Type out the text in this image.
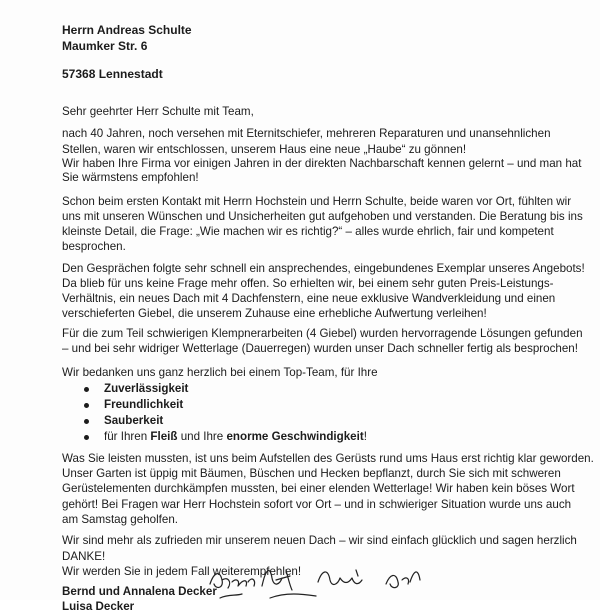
Herrn Andreas Schulte
Maumker Str. 6
57368 Lennestadt
Sehr geehrter Herr Schulte mit Team,
nach 40 Jahren, noch versehen mit Eternitschiefer, mehreren Reparaturen und unansehnlichen
Stellen, waren wir entschlossen, unserem Haus eine neue „Haube“ zu gönnen!
Wir haben Ihre Firma vor einigen Jahren in der direkten Nachbarschaft kennen gelernt – und man hat
Sie wärmstens empfohlen!
Schon beim ersten Kontakt mit Herrn Hochstein und Herrn Schulte, beide waren vor Ort, fühlten wir
uns mit unseren Wünschen und Unsicherheiten gut aufgehoben und verstanden. Die Beratung bis ins
kleinste Detail, die Frage: „Wie machen wir es richtig?“ – alles wurde ehrlich, fair und kompetent
besprochen.
Den Gesprächen folgte sehr schnell ein ansprechendes, eingebundenes Exemplar unseres Angebots!
Da blieb für uns keine Frage mehr offen. So erhielten wir, bei einem sehr guten Preis-Leistungs-
Verhältnis, ein neues Dach mit 4 Dachfenstern, eine neue exklusive Wandverkleidung und einen
verschieferten Giebel, die unserem Zuhause eine erhebliche Aufwertung verleihen!
Für die zum Teil schwierigen Klempnerarbeiten (4 Giebel) wurden hervorragende Lösungen gefunden
– und bei sehr widriger Wetterlage (Dauerregen) wurden unser Dach schneller fertig als besprochen!
Wir bedanken uns ganz herzlich bei einem Top-Team, für Ihre
Zuverlässigkeit
Freundlichkeit
Sauberkeit
für Ihren Fleiß und Ihre enorme Geschwindigkeit!
Was Sie leisten mussten, ist uns beim Aufstellen des Gerüsts rund ums Haus erst richtig klar geworden.
Unser Garten ist üppig mit Bäumen, Büschen und Hecken bepflanzt, durch Sie sich mit schweren
Gerüstelementen durchkämpfen mussten, bei einer elenden Wetterlage! Wir haben kein böses Wort
gehört! Bei Fragen war Herr Hochstein sofort vor Ort – und in schwieriger Situation wurde uns auch
am Samstag geholfen.
Wir sind mehr als zufrieden mir unserem neuen Dach – wir sind einfach glücklich und sagen herzlich
DANKE!
Wir werden Sie in jedem Fall weiterempfehlen!
Bernd und Annalena Decker
Luisa Decker
